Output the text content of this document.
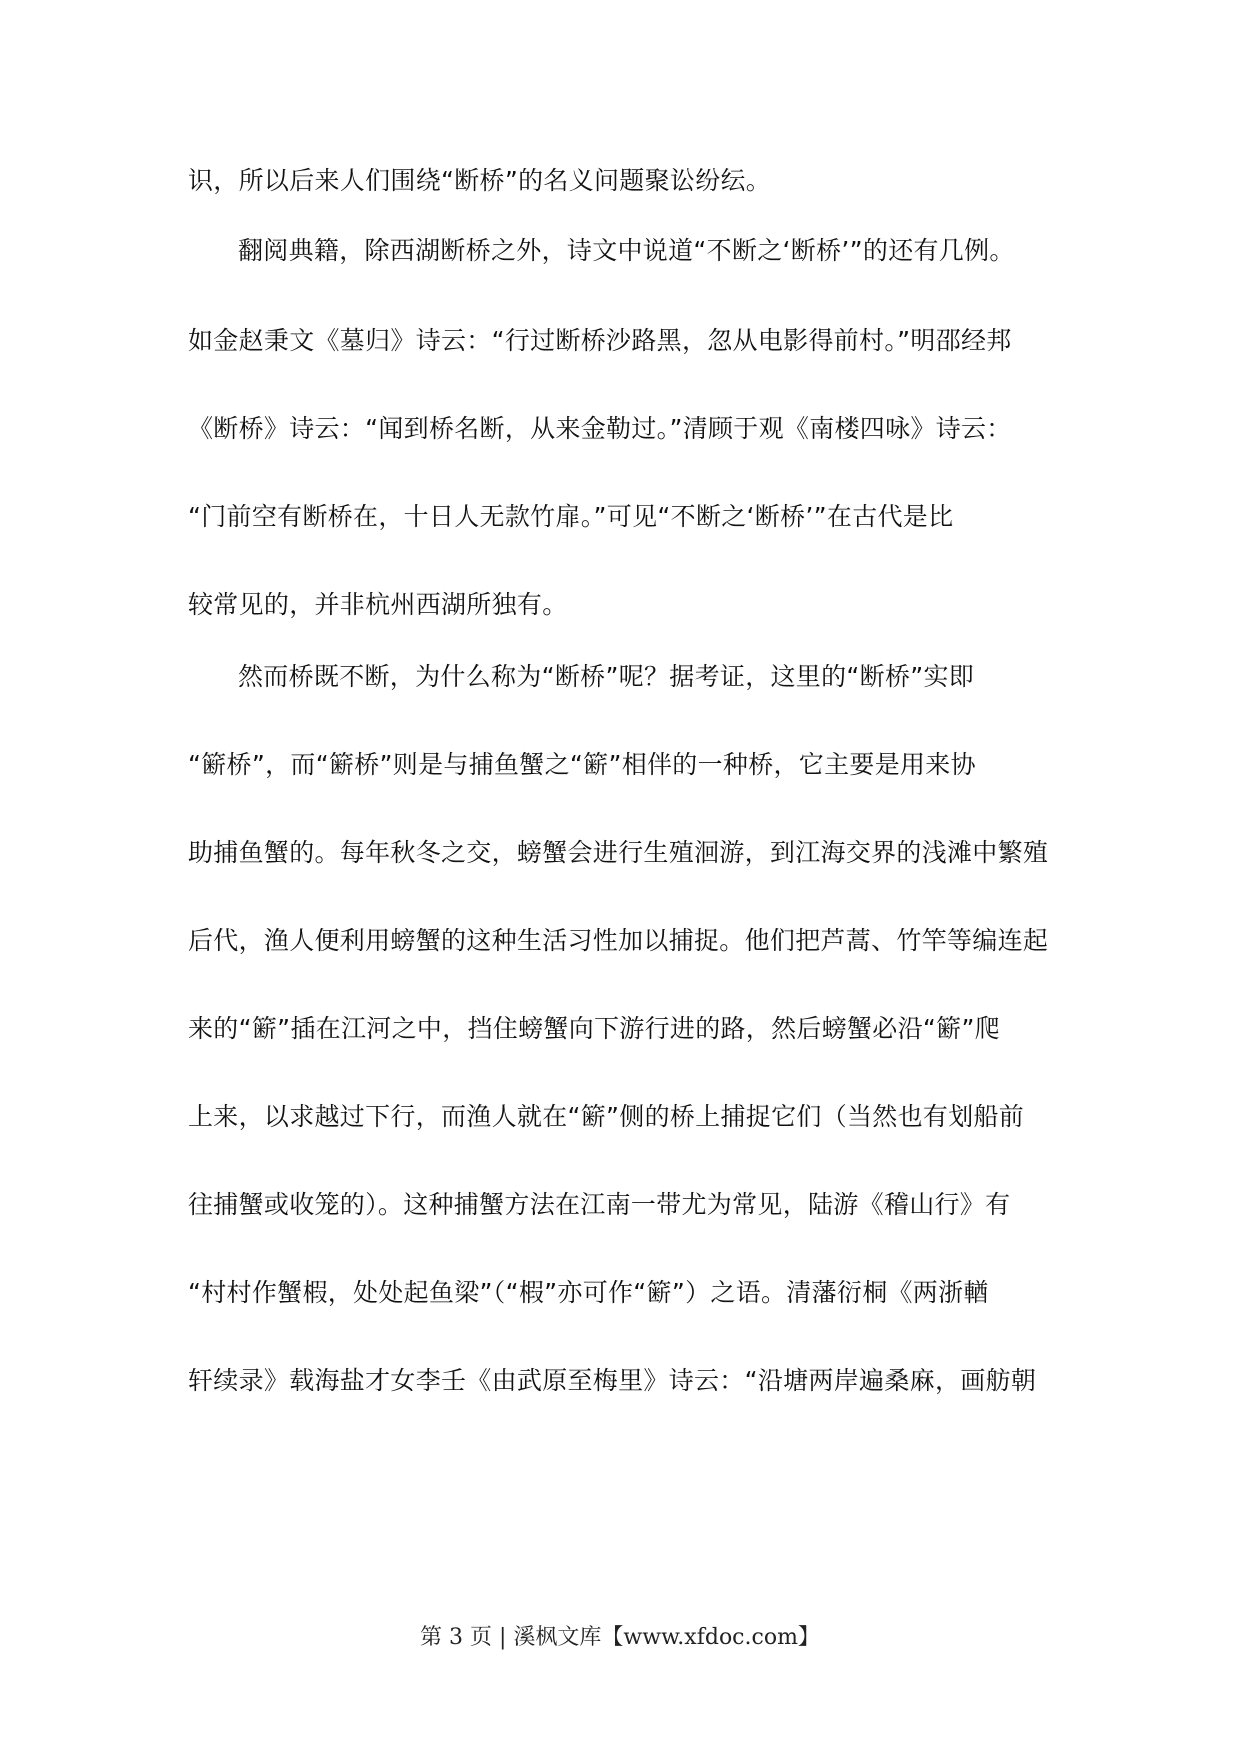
识，所以后来人们围绕“断桥”的名义问题聚讼纷纭。
翻阅典籍，除西湖断桥之外，诗文中说道“不断之‘断桥’”的还有几例。
如金赵秉文《墓归》诗云：“行过断桥沙路黑，忽从电影得前村。”明邵经邦
《断桥》诗云：“闻到桥名断，从来金勒过。”清顾于观《南楼四咏》诗云：
“门前空有断桥在，十日人无款竹扉。”可见“不断之‘断桥’”在古代是比
较常见的，并非杭州西湖所独有。
然而桥既不断，为什么称为“断桥”呢？据考证，这里的“断桥”实即
“簖桥”，而“簖桥”则是与捕鱼蟹之“簖”相伴的一种桥，它主要是用来协
助捕鱼蟹的。每年秋冬之交，螃蟹会进行生殖洄游，到江海交界的浅滩中繁殖
后代，渔人便利用螃蟹的这种生活习性加以捕捉。他们把芦蒿、竹竿等编连起
来的“簖”插在江河之中，挡住螃蟹向下游行进的路，然后螃蟹必沿“簖”爬
上来，以求越过下行，而渔人就在“簖”侧的桥上捕捉它们（当然也有划船前
往捕蟹或收笼的）。这种捕蟹方法在江南一带尤为常见，陆游《稽山行》有
“村村作蟹椵，处处起鱼梁”（“椵”亦可作“簖”）之语。清藩衍桐《两浙輶
轩续录》载海盐才女李壬《由武原至梅里》诗云：“沿塘两岸遍桑麻，画舫朝
第 3 页 | 溪枫文库【www.xfdoc.com】
